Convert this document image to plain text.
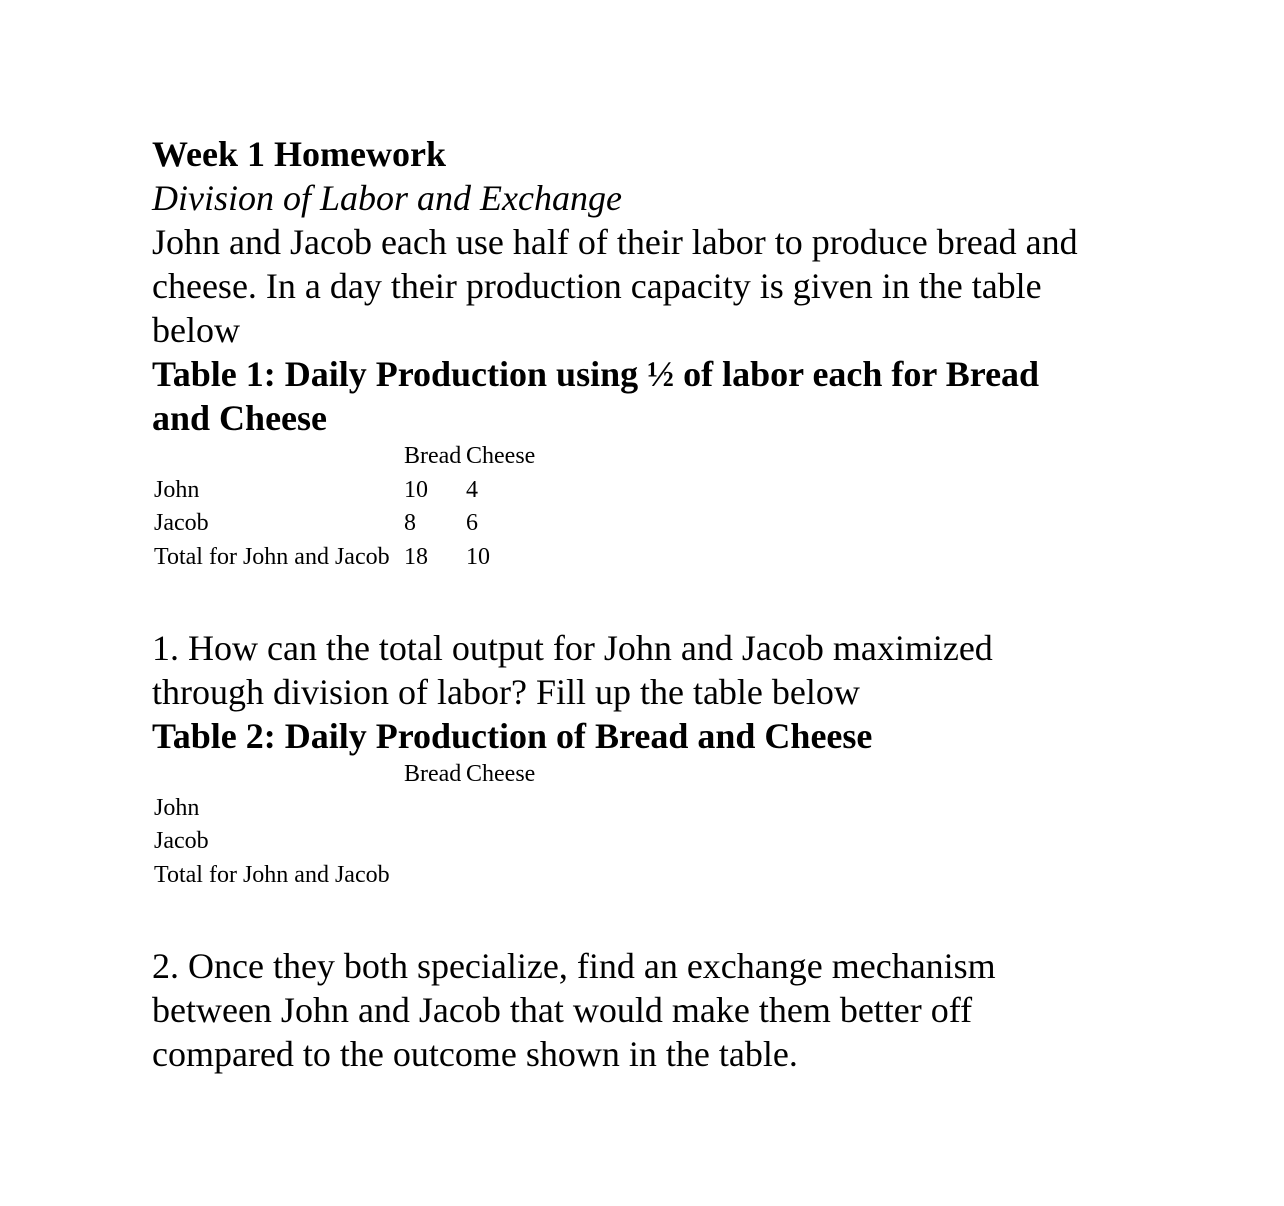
Week 1 Homework

Division of Labor and Exchange

John and Jacob each use half of their labor to produce bread and

cheese. In a day their production capacity is given in the table

below

Table 1: Daily Production using ½ of labor each for Bread

and Cheese

	Bread	Cheese
John	10	4
Jacob	8	6
Total for John and Jacob	18	10

1. How can the total output for John and Jacob maximized

through division of labor? Fill up the table below

Table 2: Daily Production of Bread and Cheese

	Bread	Cheese
John		
Jacob		
Total for John and Jacob		

2. Once they both specialize, find an exchange mechanism

between John and Jacob that would make them better off

compared to the outcome shown in the table.
